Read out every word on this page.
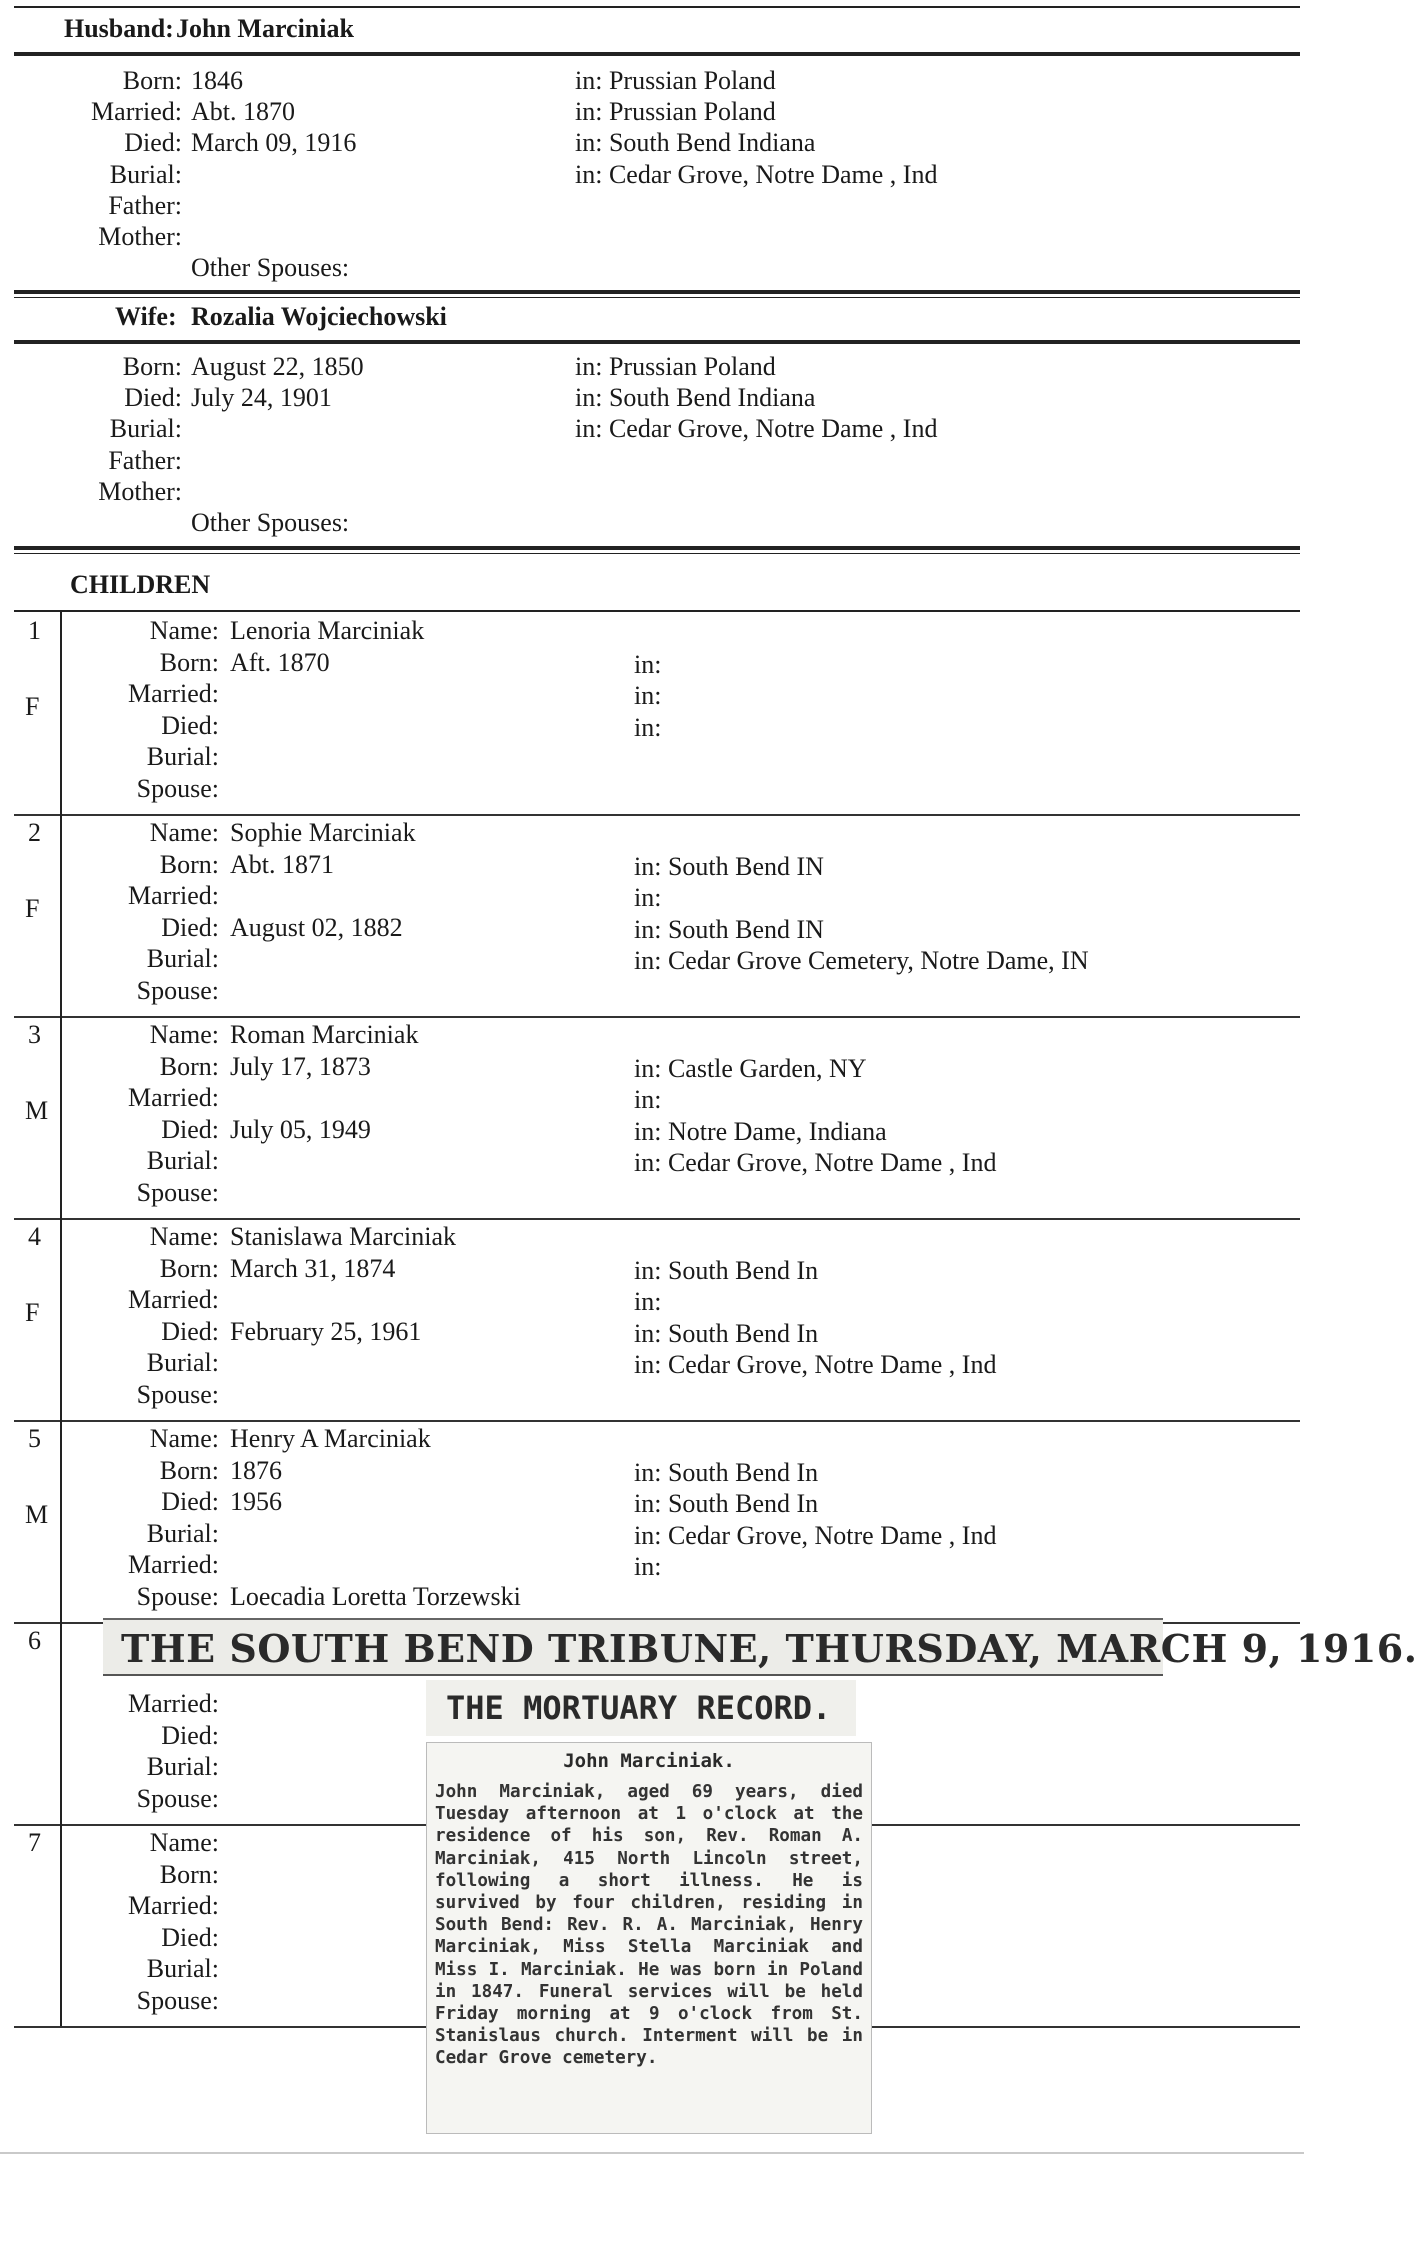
Husband: John Marciniak
Born: 1846	in: Prussian Poland
Married: Abt. 1870	in: Prussian Poland
Died: March 09, 1916	in: South Bend Indiana
Burial:	in: Cedar Grove, Notre Dame , Ind
Father:
Mother:
Other Spouses:
Wife: Rozalia Wojciechowski
Born: August 22, 1850	in: Prussian Poland
Died: July 24, 1901	in: South Bend Indiana
Burial:	in: Cedar Grove, Notre Dame , Ind
Father:
Mother:
Other Spouses:
CHILDREN
1
F
Name: Lenoria Marciniak
Born: Aft. 1870	in:
Married:	in:
Died:	in:
Burial:
Spouse:
2
F
Name: Sophie Marciniak
Born: Abt. 1871	in: South Bend IN
Married:	in:
Died: August 02, 1882	in: South Bend IN
Burial:	in: Cedar Grove Cemetery, Notre Dame, IN
Spouse:
3
M
Name: Roman Marciniak
Born: July 17, 1873	in: Castle Garden, NY
Married:	in:
Died: July 05, 1949	in: Notre Dame, Indiana
Burial:	in: Cedar Grove, Notre Dame , Ind
Spouse:
4
F
Name: Stanislawa Marciniak
Born: March 31, 1874	in: South Bend In
Married:	in:
Died: February 25, 1961	in: South Bend In
Burial:	in: Cedar Grove, Notre Dame , Ind
Spouse:
5
M
Name: Henry A Marciniak
Born: 1876	in: South Bend In
Died: 1956	in: South Bend In
Burial:	in: Cedar Grove, Notre Dame , Ind
Married:	in:
Spouse: Loecadia Loretta Torzewski
6
Married:
Died:
Burial:
Spouse:
7	Name:
Born:
Married:
Died:
Burial:
Spouse:
THE SOUTH BEND TRIBUNE, THURSDAY, MARCH 9, 1916.
THE MORTUARY RECORD.
John Marciniak.
John Marciniak, aged 69 years, died Tuesday afternoon at 1 o'clock at the residence of his son, Rev. Roman A. Marciniak, 415 North Lincoln street, following a short illness. He is survived by four children, residing in South Bend: Rev. R. A. Marciniak, Henry Marciniak, Miss Stella Marciniak and Miss I. Marciniak. He was born in Poland in 1847. Funeral services will be held Friday morning at 9 o'clock from St. Stanislaus church. Interment will be in Cedar Grove cemetery.
